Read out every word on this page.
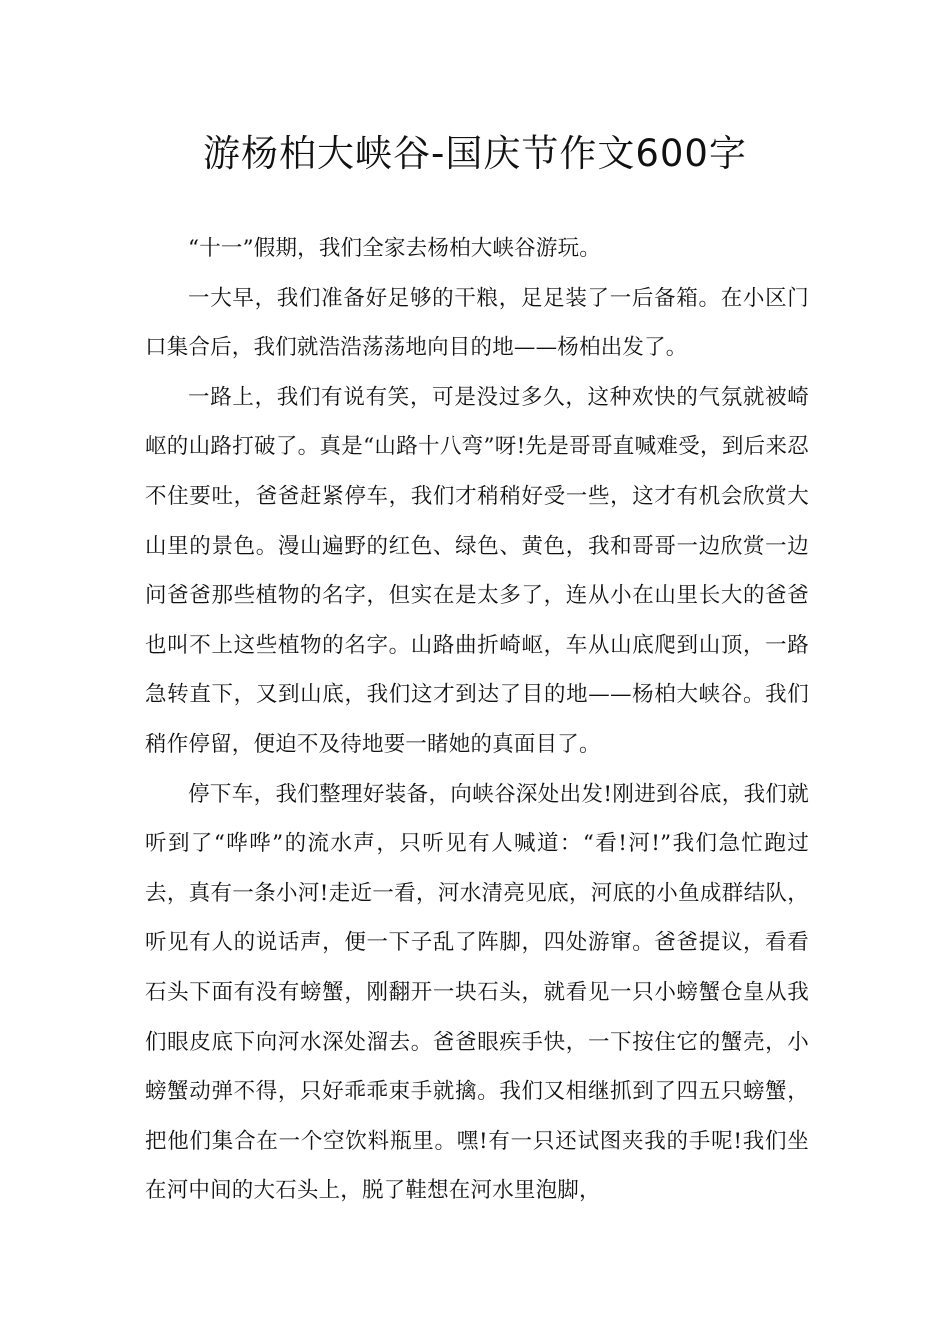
游杨柏大峡谷-国庆节作文600字

“十一”假期，我们全家去杨柏大峡谷游玩。

一大早，我们准备好足够的干粮，足足装了一后备箱。在小区门口集合后，我们就浩浩荡荡地向目的地——杨柏出发了。

一路上，我们有说有笑，可是没过多久，这种欢快的气氛就被崎岖的山路打破了。真是“山路十八弯”呀!先是哥哥直喊难受，到后来忍不住要吐，爸爸赶紧停车，我们才稍稍好受一些，这才有机会欣赏大山里的景色。漫山遍野的红色、绿色、黄色，我和哥哥一边欣赏一边问爸爸那些植物的名字，但实在是太多了，连从小在山里长大的爸爸也叫不上这些植物的名字。山路曲折崎岖，车从山底爬到山顶，一路急转直下，又到山底，我们这才到达了目的地——杨柏大峡谷。我们稍作停留，便迫不及待地要一睹她的真面目了。

停下车，我们整理好装备，向峡谷深处出发!刚进到谷底，我们就听到了“哗哗”的流水声，只听见有人喊道：“看!河!”我们急忙跑过去，真有一条小河!走近一看，河水清亮见底，河底的小鱼成群结队，听见有人的说话声，便一下子乱了阵脚，四处游窜。爸爸提议，看看石头下面有没有螃蟹，刚翻开一块石头，就看见一只小螃蟹仓皇从我们眼皮底下向河水深处溜去。爸爸眼疾手快，一下按住它的蟹壳，小螃蟹动弹不得，只好乖乖束手就擒。我们又相继抓到了四五只螃蟹，把他们集合在一个空饮料瓶里。嘿!有一只还试图夹我的手呢!我们坐在河中间的大石头上，脱了鞋想在河水里泡脚，
